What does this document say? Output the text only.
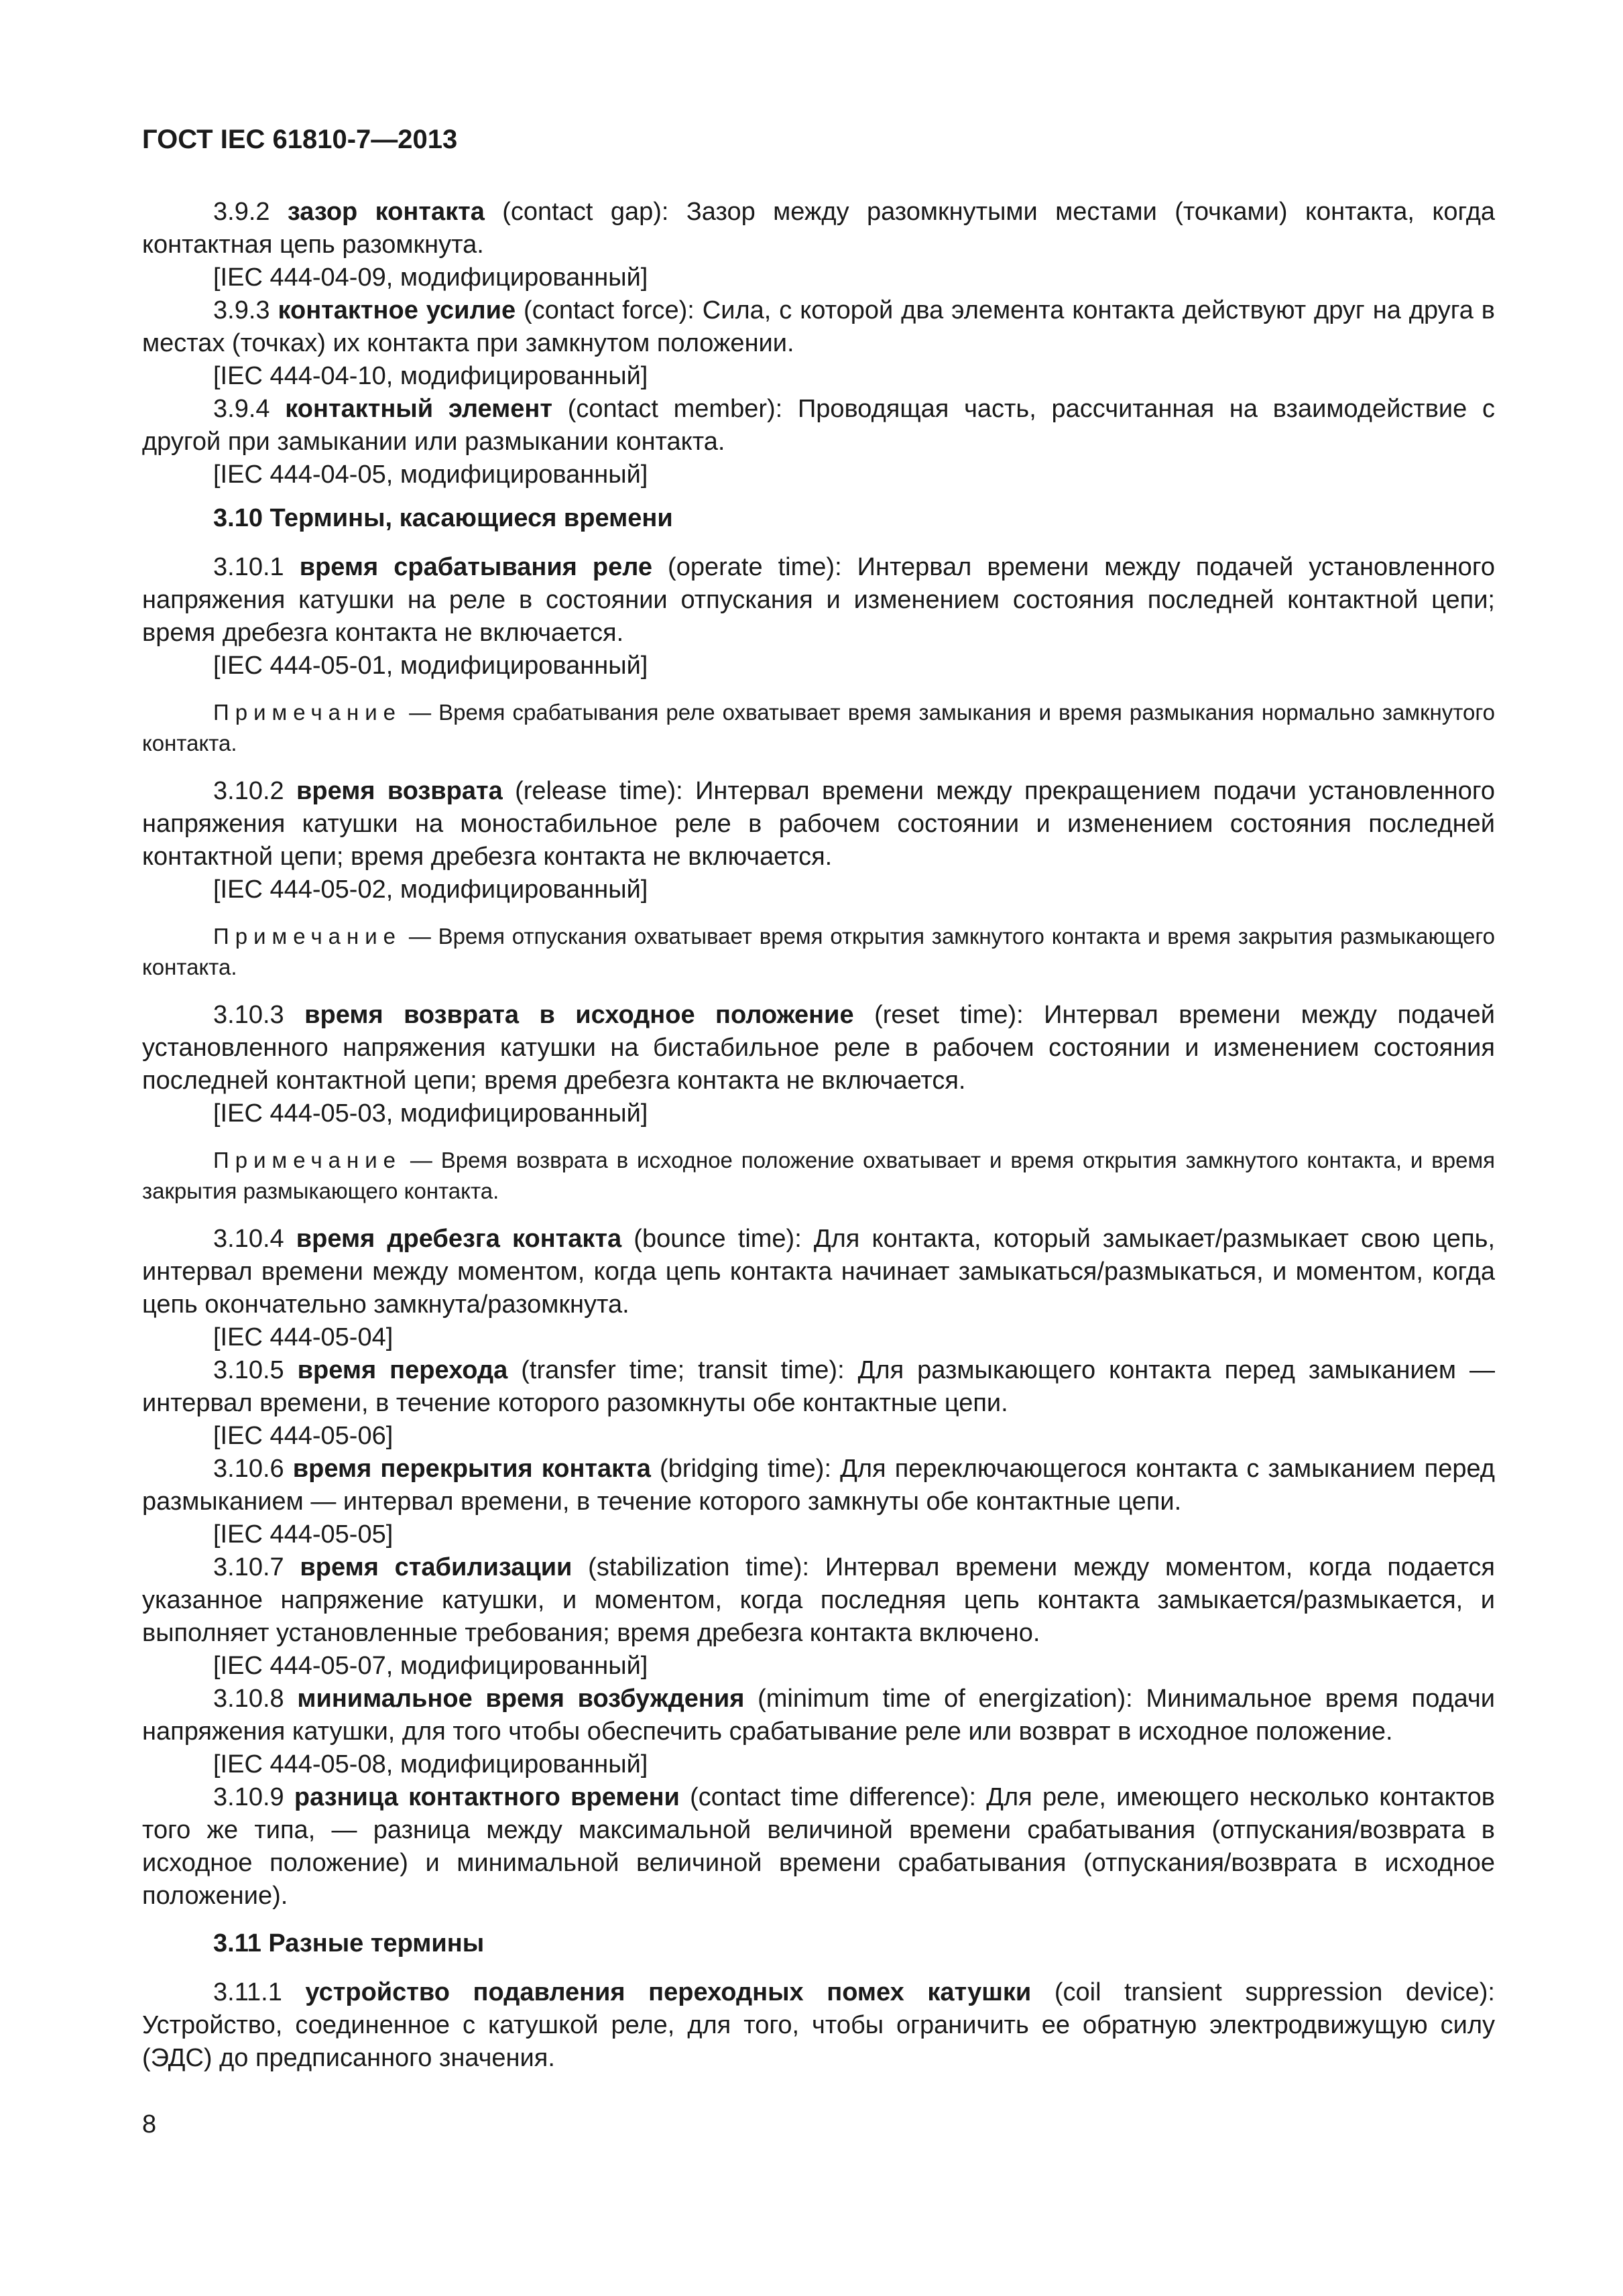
ГОСТ IEC 61810-7—2013

3.9.2 зазор контакта (contact gap): Зазор между разомкнутыми местами (точками) контакта, когда контактная цепь разомкнута.

[IEC 444-04-09, модифицированный]

3.9.3 контактное усилие (contact force): Сила, с которой два элемента контакта действуют друг на друга в местах (точках) их контакта при замкнутом положении.

[IEC 444-04-10, модифицированный]

3.9.4 контактный элемент (contact member): Проводящая часть, рассчитанная на взаимодействие с другой при замыкании или размыкании контакта.

[IEC 444-04-05, модифицированный]

3.10 Термины, касающиеся времени

3.10.1 время срабатывания реле (operate time): Интервал времени между подачей установленного напряжения катушки на реле в состоянии отпускания и изменением состояния последней контактной цепи; время дребезга контакта не включается.

[IEC 444-05-01, модифицированный]

Примечание — Время срабатывания реле охватывает время замыкания и время размыкания нормально замкнутого контакта.

3.10.2 время возврата (release time): Интервал времени между прекращением подачи установленного напряжения катушки на моностабильное реле в рабочем состоянии и изменением состояния последней контактной цепи; время дребезга контакта не включается.

[IEC 444-05-02, модифицированный]

Примечание — Время отпускания охватывает время открытия замкнутого контакта и время закрытия размыкающего контакта.

3.10.3 время возврата в исходное положение (reset time): Интервал времени между подачей установленного напряжения катушки на бистабильное реле в рабочем состоянии и изменением состояния последней контактной цепи; время дребезга контакта не включается.

[IEC 444-05-03, модифицированный]

Примечание — Время возврата в исходное положение охватывает и время открытия замкнутого контакта, и время закрытия размыкающего контакта.

3.10.4 время дребезга контакта (bounce time): Для контакта, который замыкает/размыкает свою цепь, интервал времени между моментом, когда цепь контакта начинает замыкаться/размыкаться, и моментом, когда цепь окончательно замкнута/разомкнута.

[IEC 444-05-04]

3.10.5 время перехода (transfer time; transit time): Для размыкающего контакта перед замыканием — интервал времени, в течение которого разомкнуты обе контактные цепи.

[IEC 444-05-06]

3.10.6 время перекрытия контакта (bridging time): Для переключающегося контакта с замыканием перед размыканием — интервал времени, в течение которого замкнуты обе контактные цепи.

[IEC 444-05-05]

3.10.7 время стабилизации (stabilization time): Интервал времени между моментом, когда подается указанное напряжение катушки, и моментом, когда последняя цепь контакта замыкается/размыкается, и выполняет установленные требования; время дребезга контакта включено.

[IEC 444-05-07, модифицированный]

3.10.8 минимальное время возбуждения (minimum time of energization): Минимальное время подачи напряжения катушки, для того чтобы обеспечить срабатывание реле или возврат в исходное положение.

[IEC 444-05-08, модифицированный]

3.10.9 разница контактного времени (contact time difference): Для реле, имеющего несколько контактов того же типа, — разница между максимальной величиной времени срабатывания (отпускания/возврата в исходное положение) и минимальной величиной времени срабатывания (отпускания/возврата в исходное положение).

3.11 Разные термины

3.11.1 устройство подавления переходных помех катушки (coil transient suppression device): Устройство, соединенное с катушкой реле, для того, чтобы ограничить ее обратную электродвижущую силу (ЭДС) до предписанного значения.

8
